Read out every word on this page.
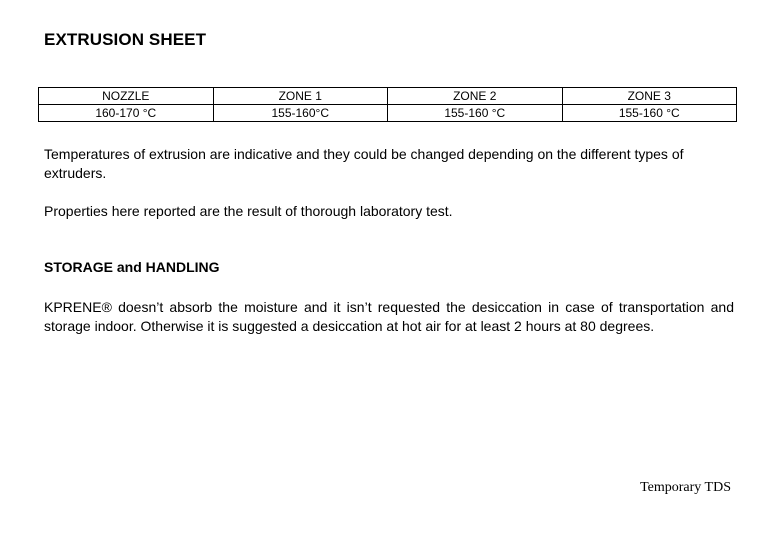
EXTRUSION SHEET
NOZZLE	ZONE 1	ZONE 2	ZONE 3
160-170 °C	155-160°C	155-160 °C	155-160 °C
Temperatures of extrusion are indicative and they could be changed depending on the different types of extruders.
Properties here reported are the result of thorough laboratory test.
STORAGE and HANDLING
KPRENE® doesn’t absorb the moisture and it isn’t requested the desiccation in case of transportation and storage indoor. Otherwise it is suggested a desiccation at hot air for at least 2 hours at 80 degrees.
Temporary TDS
